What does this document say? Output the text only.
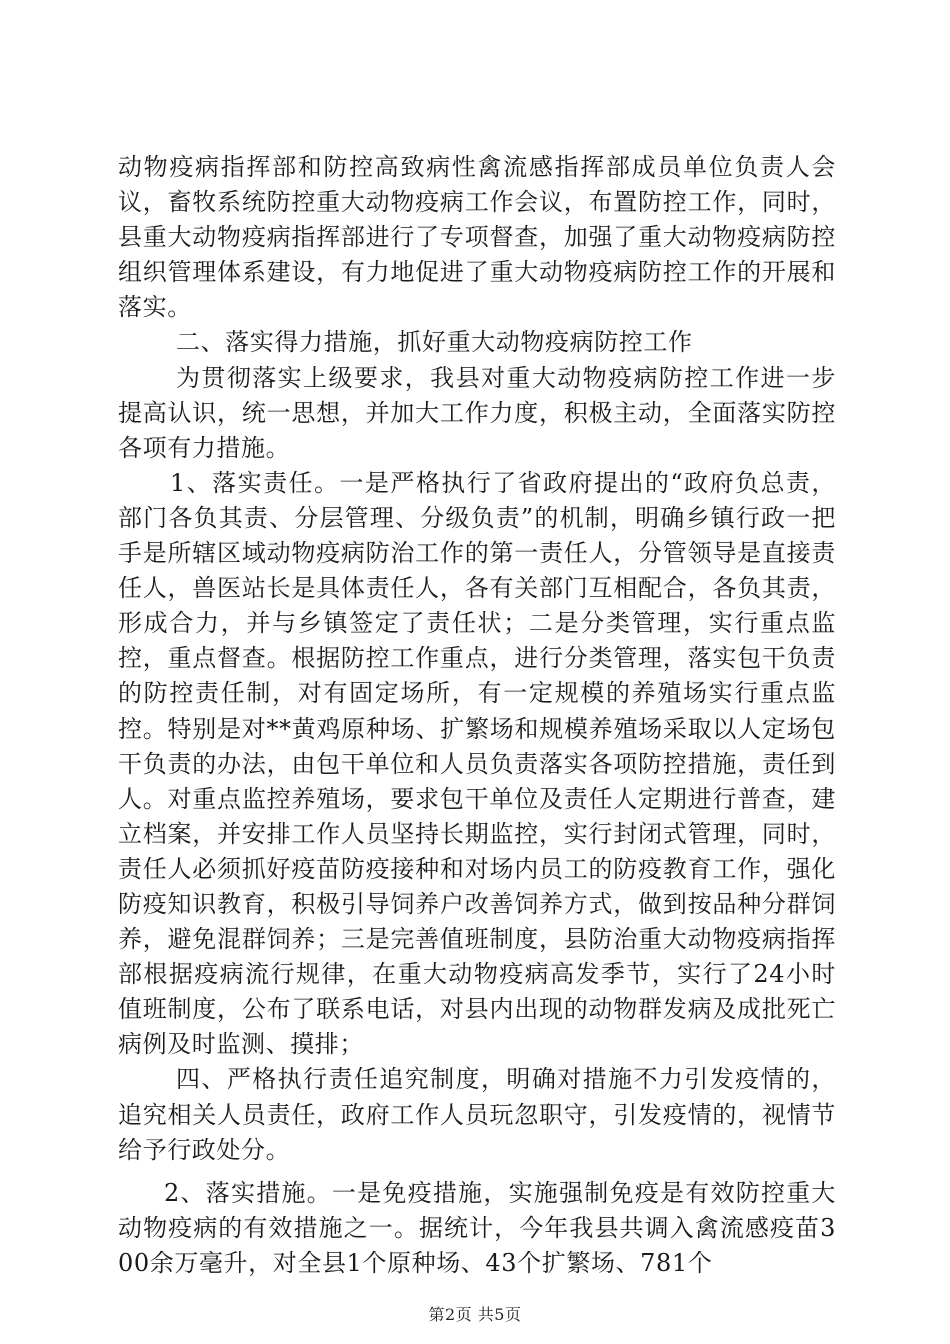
动物疫病指挥部和防控高致病性禽流感指挥部成员单位负责人会议，畜牧系统防控重大动物疫病工作会议，布置防控工作，同时，县重大动物疫病指挥部进行了专项督查，加强了重大动物疫病防控组织管理体系建设，有力地促进了重大动物疫病防控工作的开展和落实。

二、落实得力措施，抓好重大动物疫病防控工作

为贯彻落实上级要求，我县对重大动物疫病防控工作进一步提高认识，统一思想，并加大工作力度，积极主动，全面落实防控各项有力措施。

1、落实责任。一是严格执行了省政府提出的“政府负总责，部门各负其责、分层管理、分级负责”的机制，明确乡镇行政一把手是所辖区域动物疫病防治工作的第一责任人，分管领导是直接责任人，兽医站长是具体责任人，各有关部门互相配合，各负其责，形成合力，并与乡镇签定了责任状；二是分类管理，实行重点监控，重点督查。根据防控工作重点，进行分类管理，落实包干负责的防控责任制，对有固定场所，有一定规模的养殖场实行重点监控。特别是对**黄鸡原种场、扩繁场和规模养殖场采取以人定场包干负责的办法，由包干单位和人员负责落实各项防控措施，责任到人。对重点监控养殖场，要求包干单位及责任人定期进行普查，建立档案，并安排工作人员坚持长期监控，实行封闭式管理，同时，责任人必须抓好疫苗防疫接种和对场内员工的防疫教育工作，强化防疫知识教育，积极引导饲养户改善饲养方式，做到按品种分群饲养，避免混群饲养；三是完善值班制度，县防治重大动物疫病指挥部根据疫病流行规律，在重大动物疫病高发季节，实行了24小时值班制度，公布了联系电话，对县内出现的动物群发病及成批死亡病例及时监测、摸排；

四、严格执行责任追究制度，明确对措施不力引发疫情的，追究相关人员责任，政府工作人员玩忽职守，引发疫情的，视情节给予行政处分。

2、落实措施。一是免疫措施，实施强制免疫是有效防控重大动物疫病的有效措施之一。据统计，今年我县共调入禽流感疫苗300余万毫升，对全县1个原种场、43个扩繁场、781个

第2页 共5页
